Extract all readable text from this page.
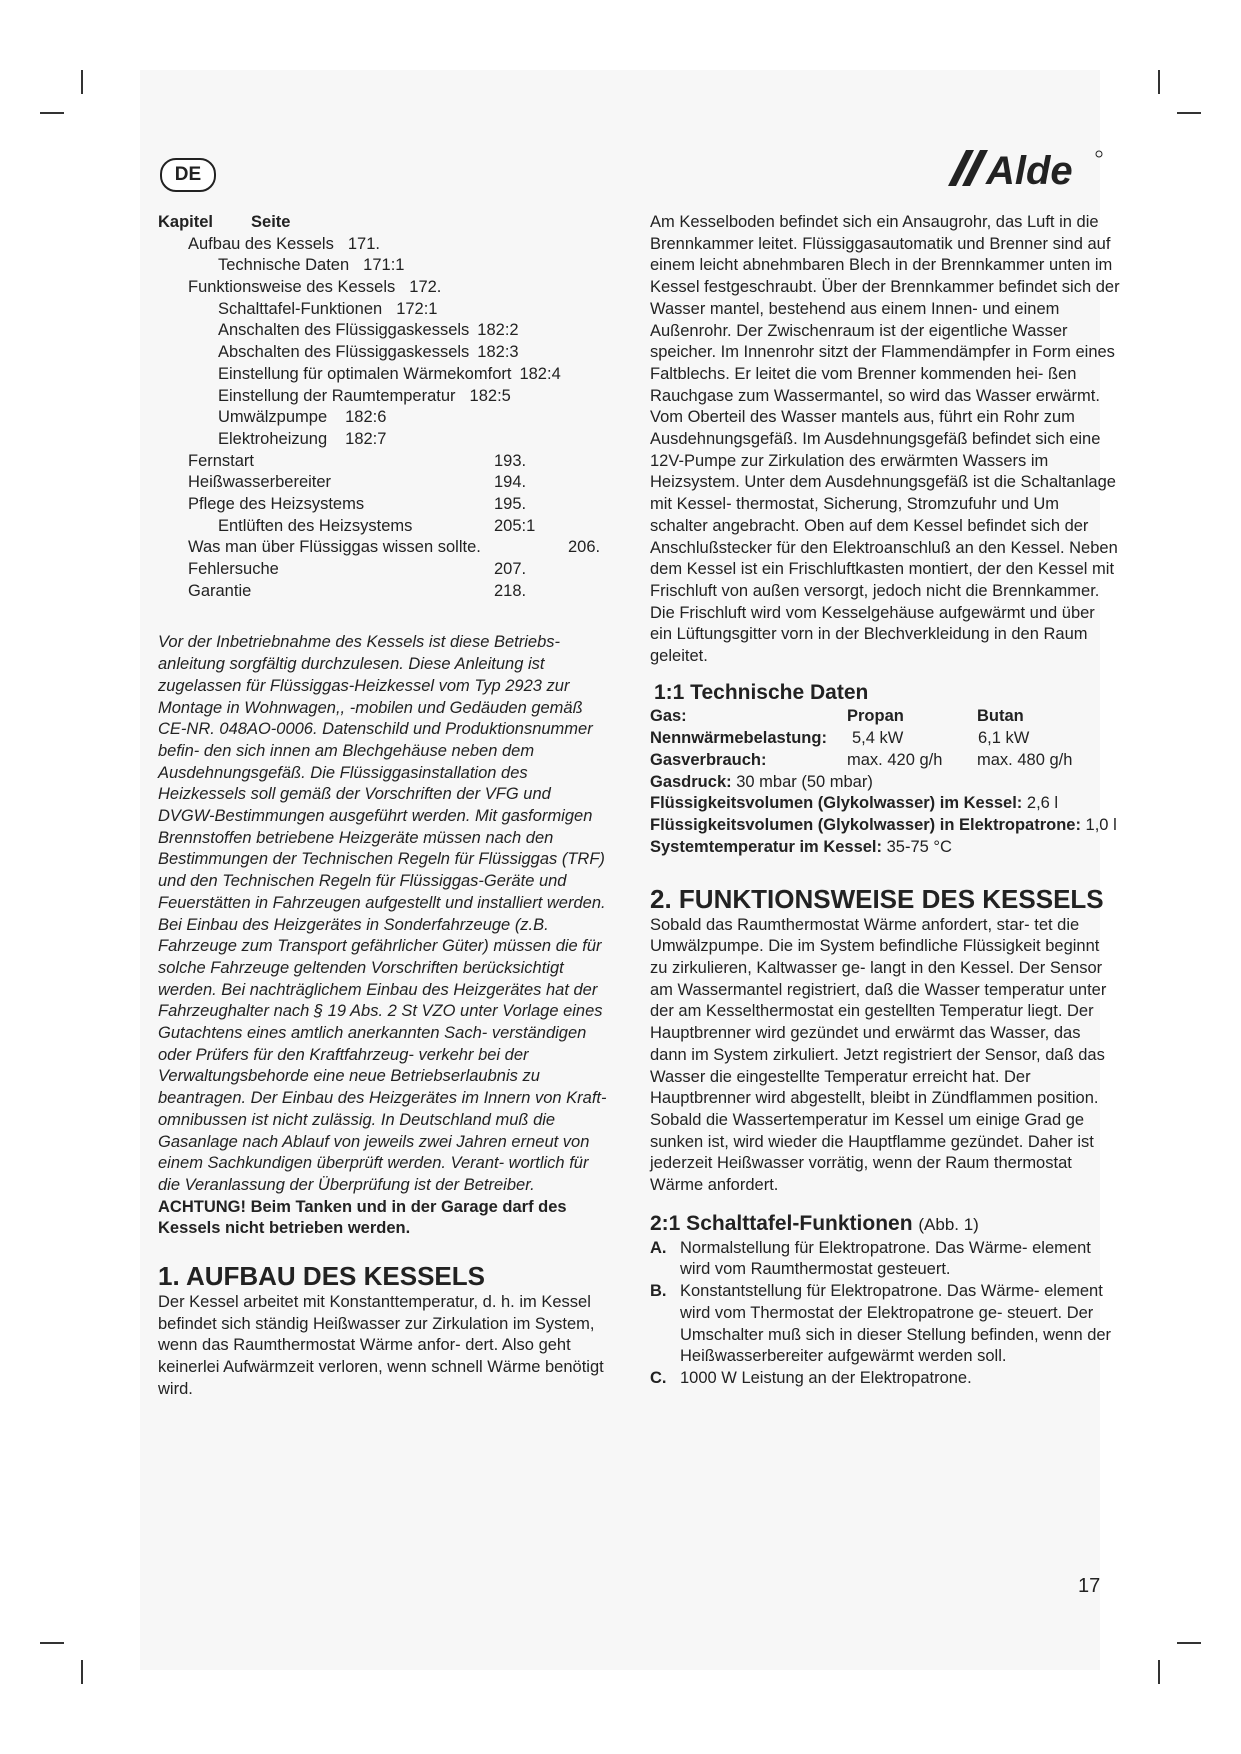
DE	Alde
Kapitel Seite
Aufbau des Kessels 171.
Technische Daten 171:1
Funktionsweise des Kessels 172.
Schalttafel-Funktionen 172:1
Anschalten des Flüssiggaskessels 182:2
Abschalten des Flüssiggaskessels 182:3
Einstellung für optimalen Wärmekomfort 182:4
Einstellung der Raumtemperatur 182:5
Umwälzpumpe 182:6
Elektroheizung 182:7
Fernstart	193.
Heißwasserbereiter	194.
Pflege des Heizsystems	195.
Entlüften des Heizsystems	205:1
Was man über Flüssiggas wissen sollte.	206.
Fehlersuche	207.
Garantie	218.

Vor der Inbetriebnahme des Kessels ist diese Betriebs- anleitung sorgfältig durchzulesen. Diese Anleitung ist zugelassen für Flüssiggas-Heizkessel vom Typ 2923 zur Montage in Wohnwagen,, -mobilen und Gedäuden gemäß CE-NR. 048AO-0006. Datenschild und Produktionsnummer befin- den sich innen am Blechgehäuse neben dem Ausdehnungsgefäß. Die Flüssiggasinstallation des Heizkessels soll gemäß der Vorschriften der VFG und DVGW-Bestimmungen ausgeführt werden. Mit gasformigen Brennstoffen betriebene Heizgeräte müssen nach den Bestimmungen der Technischen Regeln für Flüssiggas (TRF) und den Technischen Regeln für Flüssiggas-Geräte und Feuerstätten in Fahrzeugen aufgestellt und installiert werden. Bei Einbau des Heizgerätes in Sonderfahrzeuge (z.B. Fahrzeuge zum Transport gefährlicher Güter) müssen die für solche Fahrzeuge geltenden Vorschriften berücksichtigt werden. Bei nachträglichem Einbau des Heizgerätes hat der Fahrzeughalter nach § 19 Abs. 2 St VZO unter Vorlage eines Gutachtens eines amtlich anerkannten Sach- verständigen oder Prüfers für den Kraftfahrzeug- verkehr bei der Verwaltungsbehorde eine neue Betriebserlaubnis zu beantragen. Der Einbau des Heizgerätes im Innern von Kraft- omnibussen ist nicht zulässig. In Deutschland muß die Gasanlage nach Ablauf von jeweils zwei Jahren erneut von einem Sachkundigen überprüft werden. Verant- wortlich für die Veranlassung der Überprüfung ist der Betreiber.

ACHTUNG! Beim Tanken und in der Garage darf des Kessels nicht betrieben werden.

1. AUFBAU DES KESSELS

Der Kessel arbeitet mit Konstanttemperatur, d. h. im Kessel befindet sich ständig Heißwasser zur Zirkulation im System, wenn das Raumthermostat Wärme anfor- dert. Also geht keinerlei Aufwärmzeit verloren, wenn schnell Wärme benötigt wird.

Am Kesselboden befindet sich ein Ansaugrohr, das Luft in die Brennkammer leitet. Flüssiggasautomatik und Brenner sind auf einem leicht abnehmbaren Blech in der Brennkammer unten im Kessel festgeschraubt. Über der Brennkammer befindet sich der Wasser mantel, bestehend aus einem Innen- und einem Außenrohr. Der Zwischenraum ist der eigentliche Wasser speicher. Im Innenrohr sitzt der Flammendämpfer in Form eines Faltblechs. Er leitet die vom Brenner kommenden hei- ßen Rauchgase zum Wassermantel, so wird das Wasser erwärmt. Vom Oberteil des Wasser mantels aus, führt ein Rohr zum Ausdehnungsgefäß. Im Ausdehnungsgefäß befindet sich eine 12V-Pumpe zur Zirkulation des erwärmten Wassers im Heizsystem. Unter dem Ausdehnungsgefäß ist die Schaltanlage mit Kessel- thermostat, Sicherung, Stromzufuhr und Um schalter angebracht. Oben auf dem Kessel befindet sich der Anschlußstecker für den Elektroanschluß an den Kessel. Neben dem Kessel ist ein Frischluftkasten montiert, der den Kessel mit Frischluft von außen versorgt, jedoch nicht die Brennkammer. Die Frischluft wird vom Kesselgehäuse aufgewärmt und über ein Lüftungsgitter vorn in der Blechverkleidung in den Raum geleitet.

1:1 Technische Daten
Gas:	Propan	Butan
Nennwärmebelastung: 5,4 kW	6,1 kW
Gasverbrauch:	max. 420 g/h max. 480 g/h

Gasdruck: 30 mbar (50 mbar)

Flüssigkeitsvolumen (Glykolwasser) im Kessel: 2,6 l

Flüssigkeitsvolumen (Glykolwasser) in Elektropatrone: 1,0 l

Systemtemperatur im Kessel: 35-75 °C

2. FUNKTIONSWEISE DES KESSELS

Sobald das Raumthermostat Wärme anfordert, star- tet die Umwälzpumpe. Die im System befindliche Flüssigkeit beginnt zu zirkulieren, Kaltwasser ge- langt in den Kessel. Der Sensor am Wassermantel registriert, daß die Wasser temperatur unter der am Kesselthermostat ein gestellten Temperatur liegt. Der Hauptbrenner wird gezündet und erwärmt das Wasser, das dann im System zirkuliert. Jetzt registriert der Sensor, daß das Wasser die eingestellte Temperatur erreicht hat. Der Hauptbrenner wird abgestellt, bleibt in Zündflammen position. Sobald die Wassertemperatur im Kessel um einige Grad ge sunken ist, wird wieder die Hauptflamme gezündet. Daher ist jederzeit Heißwasser vorrätig, wenn der Raum thermostat Wärme anfordert.

2:1 Schalttafel-Funktionen (Abb. 1)
A. Normalstellung für Elektropatrone. Das Wärme- element wird vom Raumthermostat gesteuert.
B. Konstantstellung für Elektropatrone. Das Wärme- element wird vom Thermostat der Elektropatrone ge- steuert. Der Umschalter muß sich in dieser Stellung befinden, wenn der Heißwasserbereiter aufgewärmt werden soll.
C. 1000 W Leistung an der Elektropatrone.
17
